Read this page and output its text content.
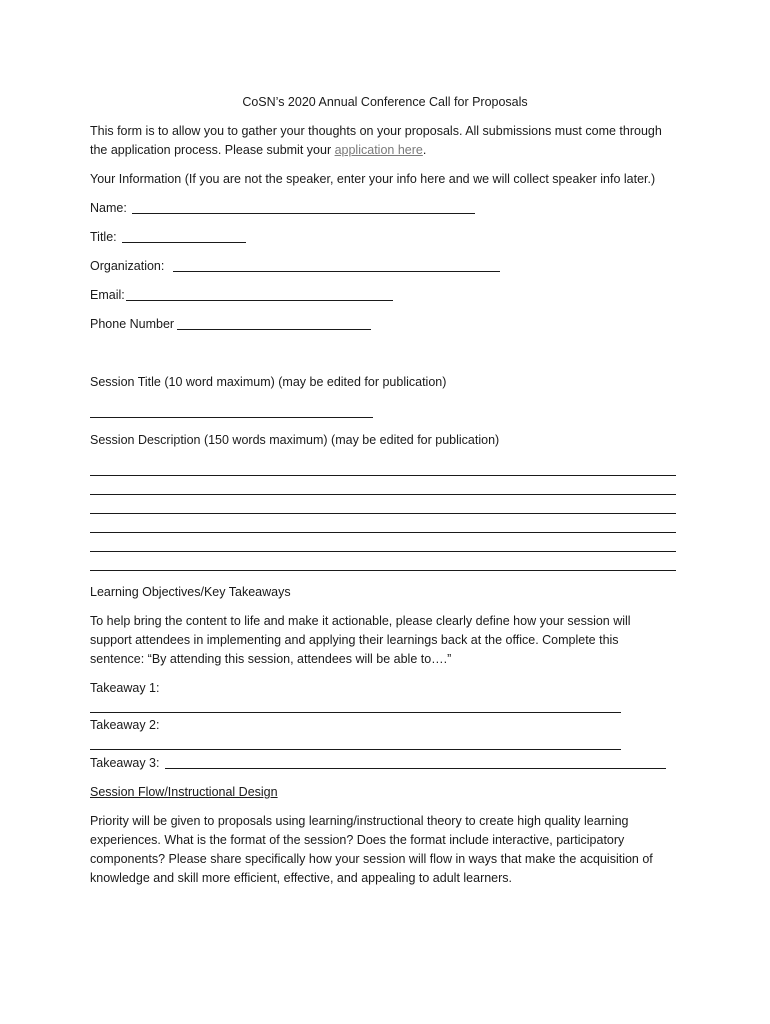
CoSN’s 2020 Annual Conference Call for Proposals
This form is to allow you to gather your thoughts on your proposals. All submissions must come through
the application process. Please submit your application here.
Your Information (If you are not the speaker, enter your info here and we will collect speaker info later.)
Name:
Title:
Organization:
Email:
Phone Number
Session Title (10 word maximum) (may be edited for publication)
Session Description (150 words maximum) (may be edited for publication)
Learning Objectives/Key Takeaways
To help bring the content to life and make it actionable, please clearly define how your session will
support attendees in implementing and applying their learnings back at the office. Complete this
sentence: “By attending this session, attendees will be able to….”
Takeaway 1:
Takeaway 2:
Takeaway 3:
Session Flow/Instructional Design
Priority will be given to proposals using learning/instructional theory to create high quality learning
experiences. What is the format of the session? Does the format include interactive, participatory
components? Please share specifically how your session will flow in ways that make the acquisition of
knowledge and skill more efficient, effective, and appealing to adult learners.
